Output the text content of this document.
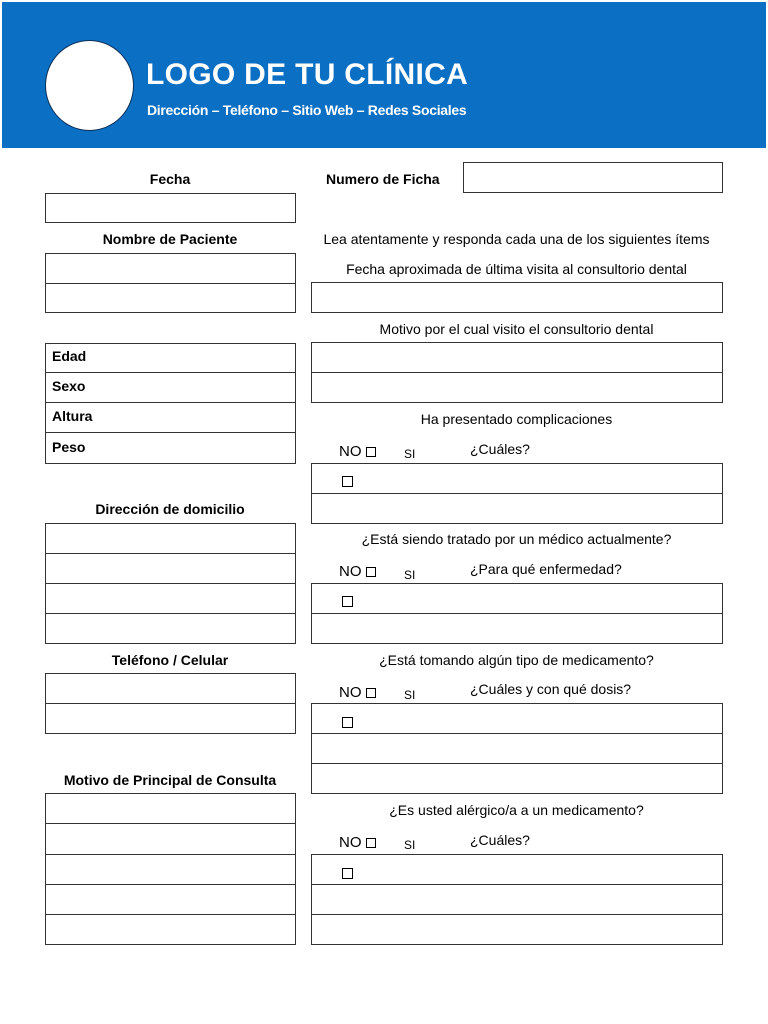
LOGO DE TU CLÍNICA
Dirección – Teléfono – Sitio Web – Redes Sociales
Fecha
Nombre de Paciente
Edad
Sexo
Altura
Peso
Dirección de domicilio
Teléfono / Celular
Motivo de Principal de Consulta
Numero de Ficha
Lea atentamente y responda cada una de los siguientes ítems
Fecha aproximada de última visita al consultorio dental
Motivo por el cual visito el consultorio dental
Ha presentado complicaciones
NO	SI	¿Cuáles?
¿Está siendo tratado por un médico actualmente?
NO	SI	¿Para qué enfermedad?
¿Está tomando algún tipo de medicamento?
NO	SI	¿Cuáles y con qué dosis?
¿Es usted alérgico/a a un medicamento?
NO	SI	¿Cuáles?
